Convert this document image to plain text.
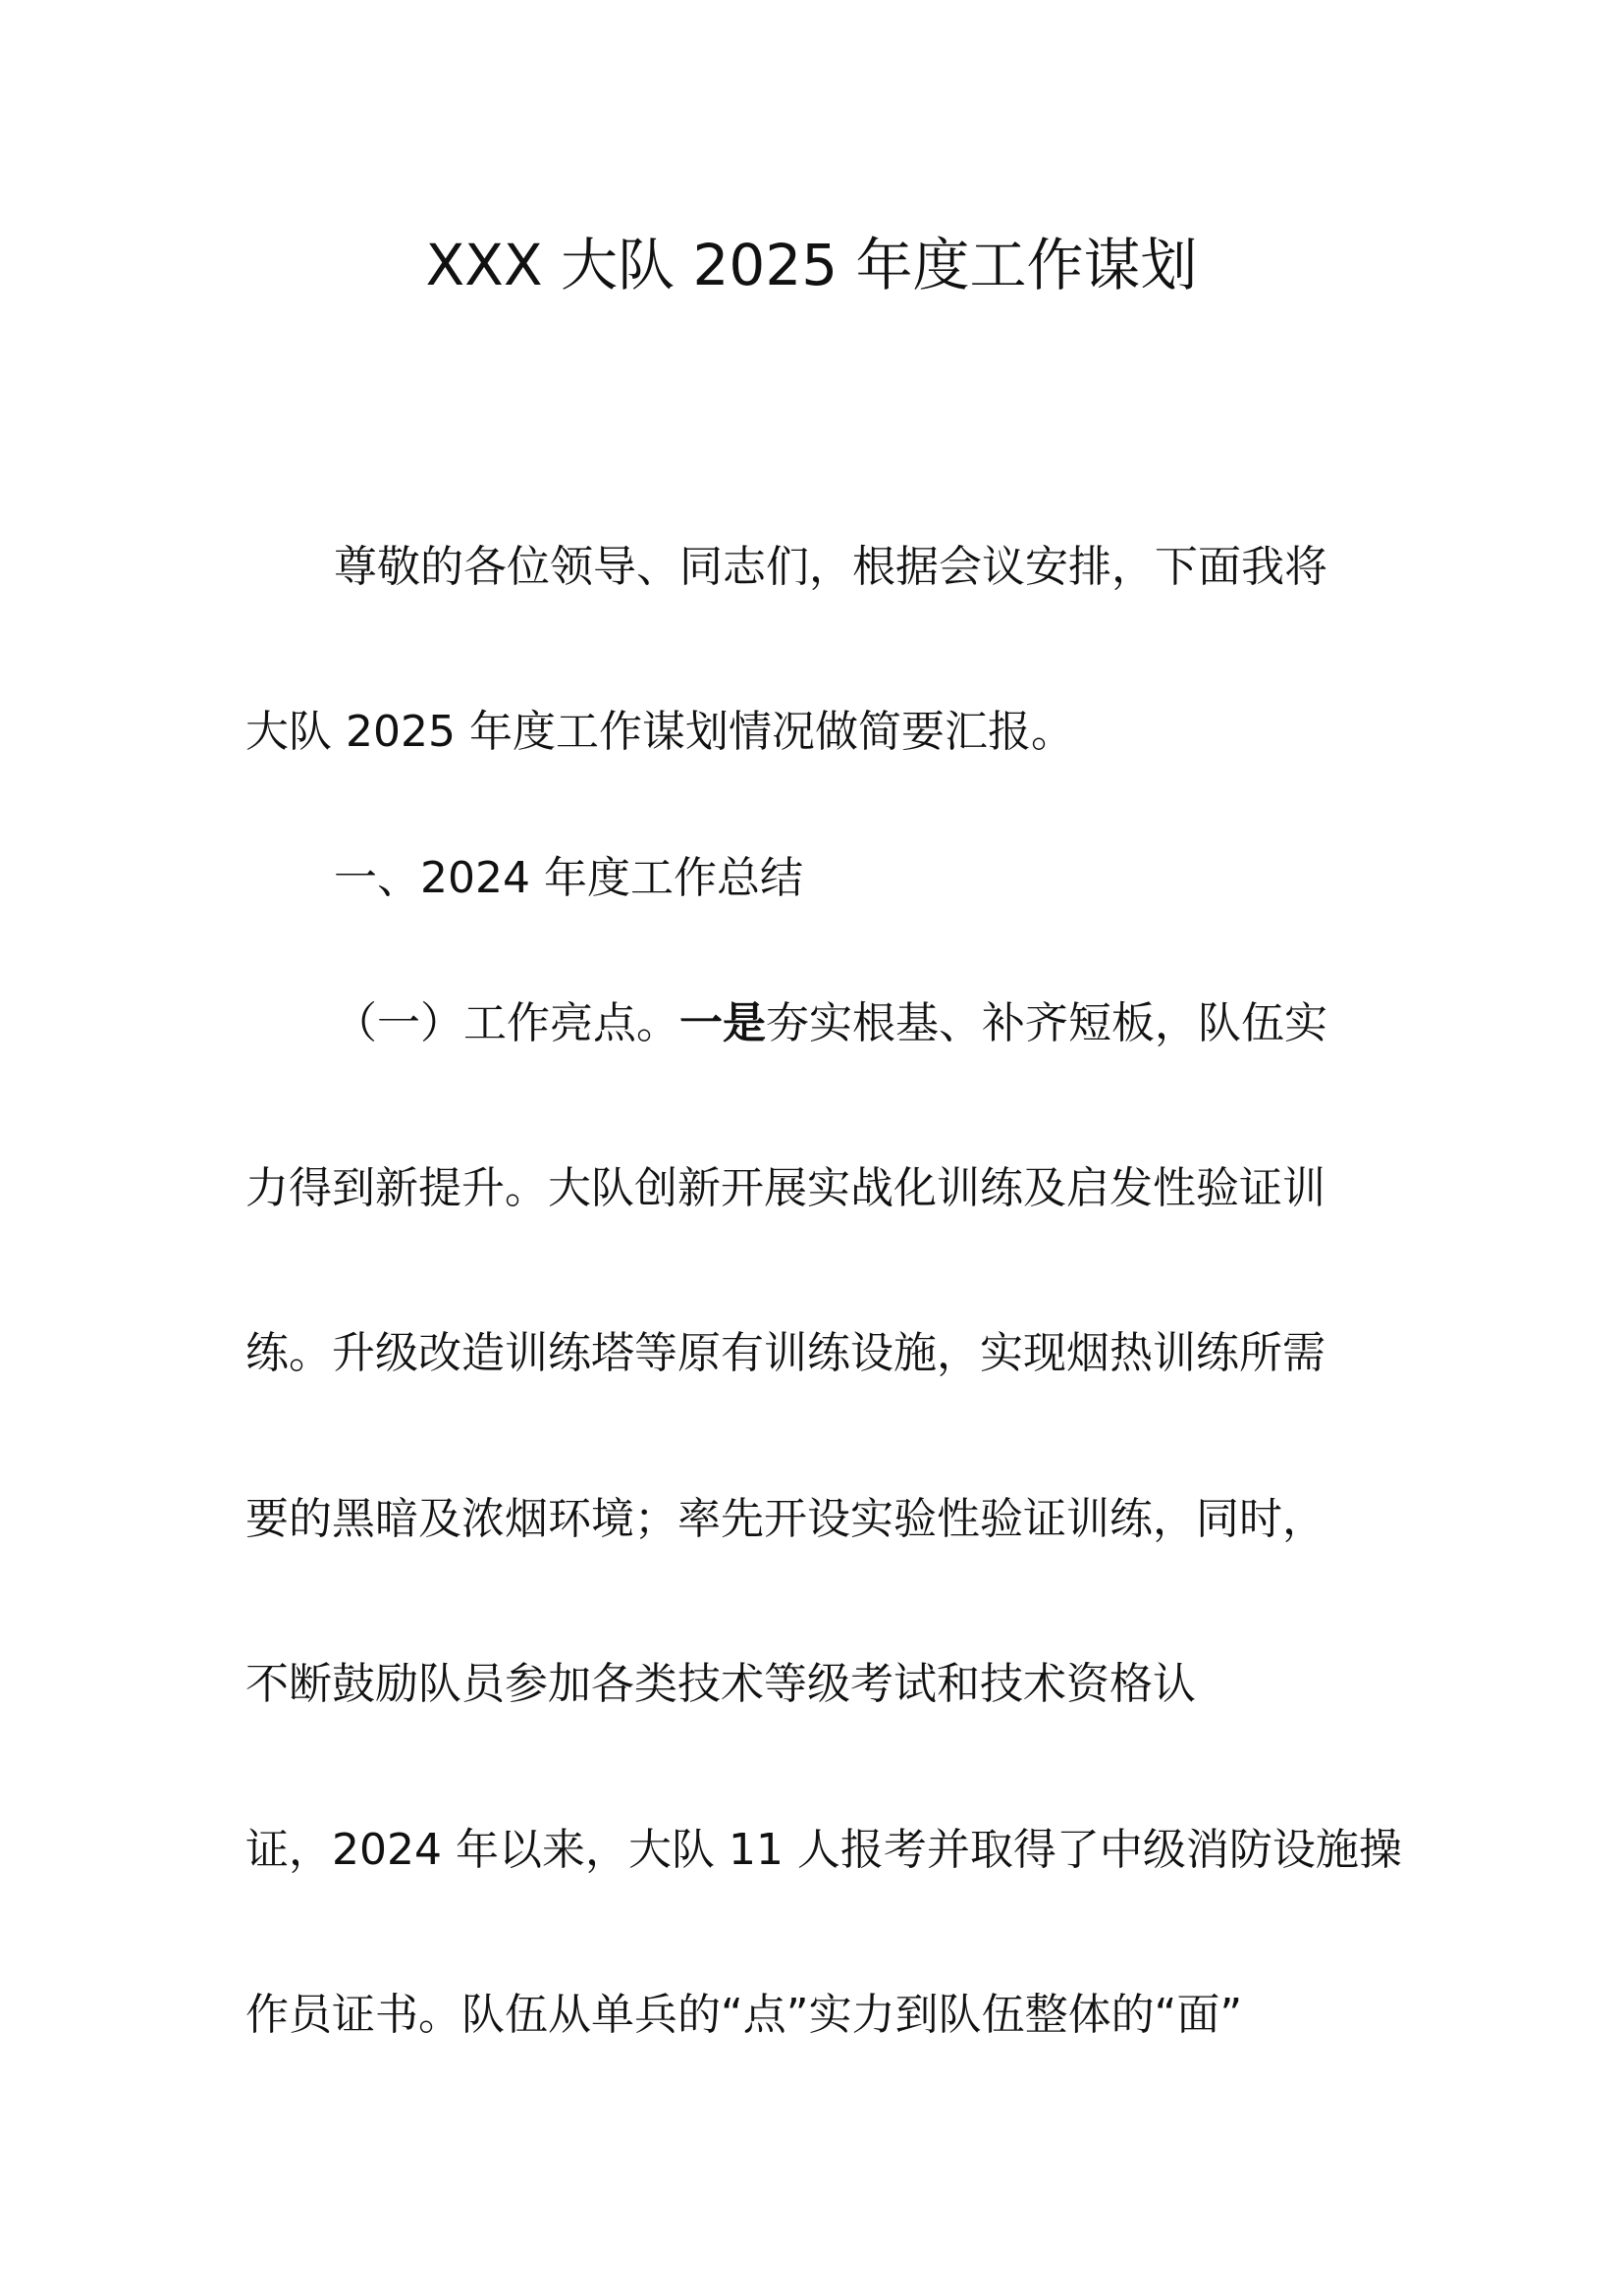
XXX 大队 2025 年度工作谋划
尊敬的各位领导、同志们，根据会议安排，下面我将
大队 2025 年度工作谋划情况做简要汇报。
一、2024 年度工作总结
（一）工作亮点。一是夯实根基、补齐短板，队伍实
力得到新提升。大队创新开展实战化训练及启发性验证训
练。升级改造训练塔等原有训练设施，实现烟热训练所需
要的黑暗及浓烟环境；率先开设实验性验证训练，同时，
不断鼓励队员参加各类技术等级考试和技术资格认
证，2024 年以来，大队 11 人报考并取得了中级消防设施操
作员证书。队伍从单兵的“点”实力到队伍整体的“面”
